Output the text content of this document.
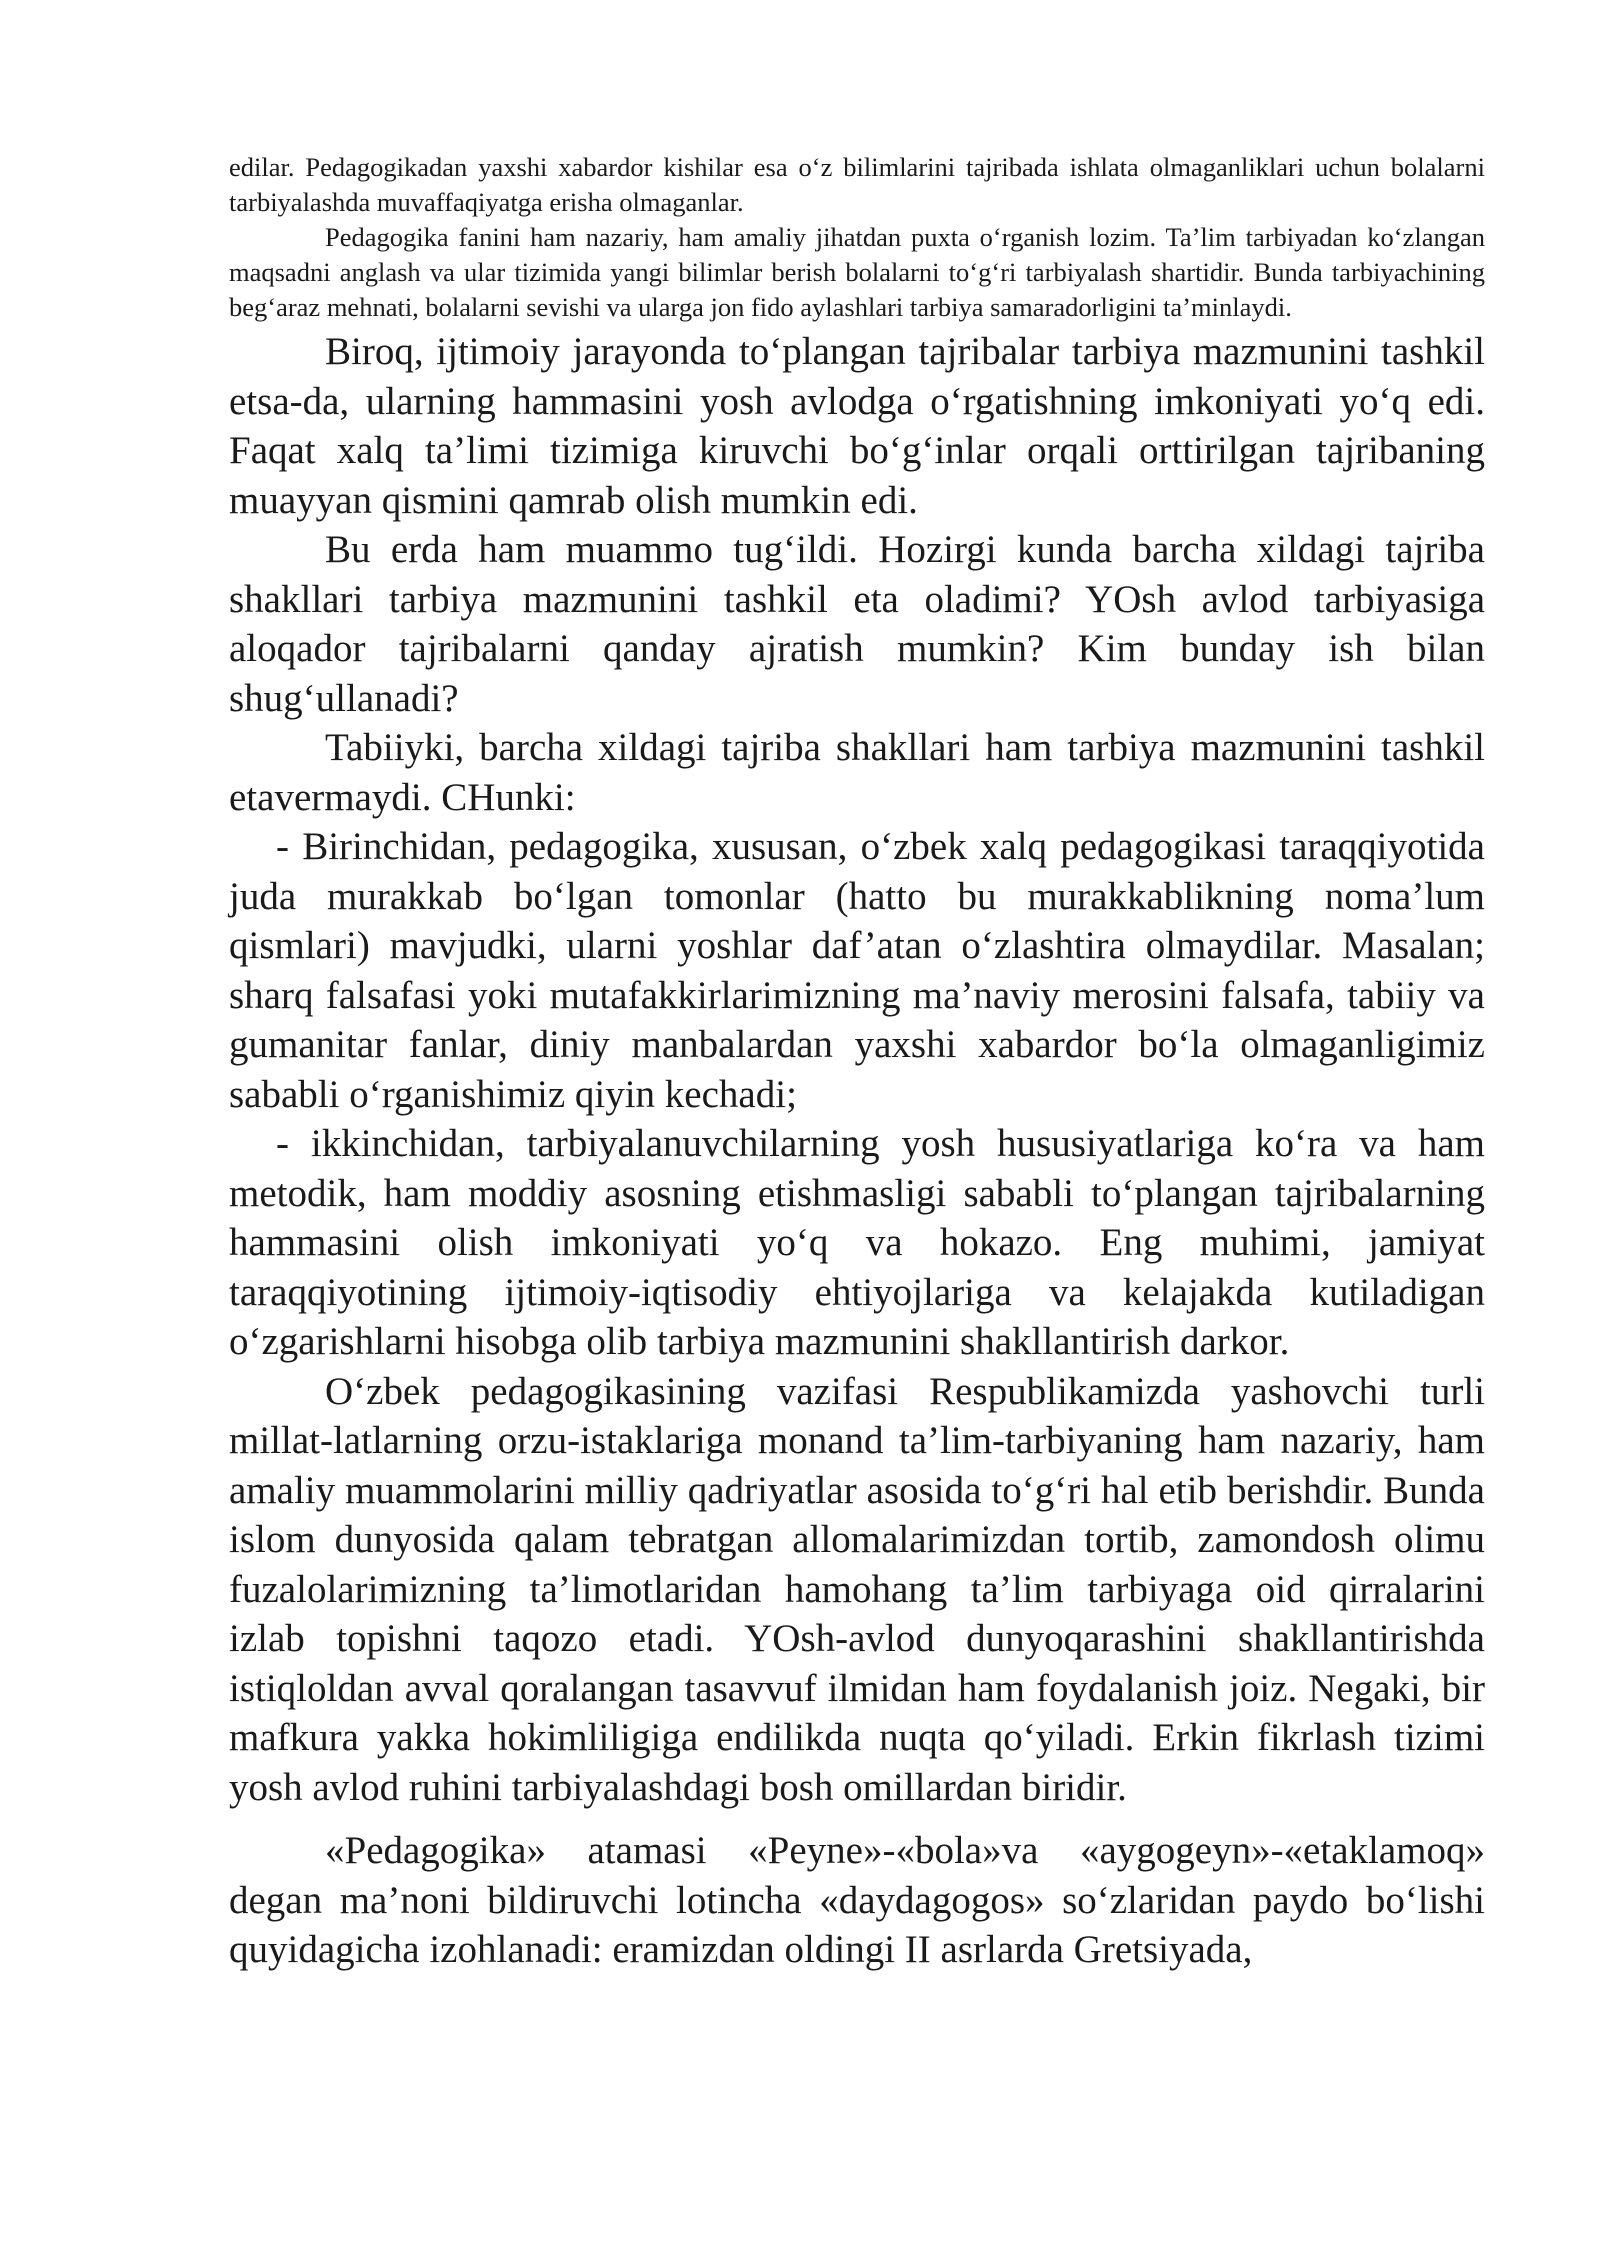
edilar. Pedagogikadan yaxshi xabardor kishilar esa o‘z bilimlarini tajribada ishlata olmaganliklari uchun bolalarni tarbiyalashda muvaffaqiyatga erisha olmaganlar.

Pedagogika fanini ham nazariy, ham amaliy jihatdan puxta o‘rganish lozim. Ta’lim tarbiyadan ko‘zlangan maqsadni anglash va ular tizimida yangi bilimlar berish bolalarni to‘g‘ri tarbiyalash shartidir. Bunda tarbiyachining beg‘araz mehnati, bolalarni sevishi va ularga jon fido aylashlari tarbiya samaradorligini ta’minlaydi.

Biroq, ijtimoiy jarayonda to‘plangan tajribalar tarbiya mazmunini tashkil etsa-da, ularning hammasini yosh avlodga o‘rgatishning imkoniyati yo‘q edi. Faqat xalq ta’limi tizimiga kiruvchi bo‘g‘inlar orqali orttirilgan tajribaning muayyan qismini qamrab olish mumkin edi.

Bu erda ham muammo tug‘ildi. Hozirgi kunda barcha xildagi tajriba shakllari tarbiya mazmunini tashkil eta oladimi? YOsh avlod tarbiyasiga aloqador tajribalarni qanday ajratish mumkin? Kim bunday ish bilan shug‘ullanadi?

Tabiiyki, barcha xildagi tajriba shakllari ham tarbiya mazmunini tashkil etavermaydi. CHunki:

- Birinchidan, pedagogika, xususan, o‘zbek xalq pedagogikasi taraqqiyotida juda murakkab bo‘lgan tomonlar (hatto bu murakkablikning noma’lum qismlari) mavjudki, ularni yoshlar daf’atan o‘zlashtira olmaydilar. Masalan; sharq falsafasi yoki mutafakkirlarimizning ma’naviy merosini falsafa, tabiiy va gumanitar fanlar, diniy manbalardan yaxshi xabardor bo‘la olmaganligimiz sababli o‘rganishimiz qiyin kechadi;

- ikkinchidan, tarbiyalanuvchilarning yosh hususiyatlariga ko‘ra va ham metodik, ham moddiy asosning etishmasligi sababli to‘plangan tajribalarning hammasini olish imkoniyati yo‘q va hokazo. Eng muhimi, jamiyat taraqqiyotining ijtimoiy-iqtisodiy ehtiyojlariga va kelajakda kutiladigan o‘zgarishlarni hisobga olib tarbiya mazmunini shakllantirish darkor.

O‘zbek pedagogikasining vazifasi Respublikamizda yashovchi turli millat-latlarning orzu-istaklariga monand ta’lim-tarbiyaning ham nazariy, ham amaliy muammolarini milliy qadriyatlar asosida to‘g‘ri hal etib berishdir. Bunda islom dunyosida qalam tebratgan allomalarimizdan tortib, zamondosh olimu fuzalolarimizning ta’limotlaridan hamohang ta’lim tarbiyaga oid qirralarini izlab topishni taqozo etadi. YOsh-avlod dunyoqarashini shakllantirishda istiqloldan avval qoralangan tasavvuf ilmidan ham foydalanish joiz. Negaki, bir mafkura yakka hokimliligiga endilikda nuqta qo‘yiladi. Erkin fikrlash tizimi yosh avlod ruhini tarbiyalashdagi bosh omillardan biridir.

«Pedagogika» atamasi «Peyne»-«bola»va «aygogeyn»-«etaklamoq» degan ma’noni bildiruvchi lotincha «daydagogos» so‘zlaridan paydo bo‘lishi quyidagicha izohlanadi: eramizdan oldingi II asrlarda Gretsiyada,
